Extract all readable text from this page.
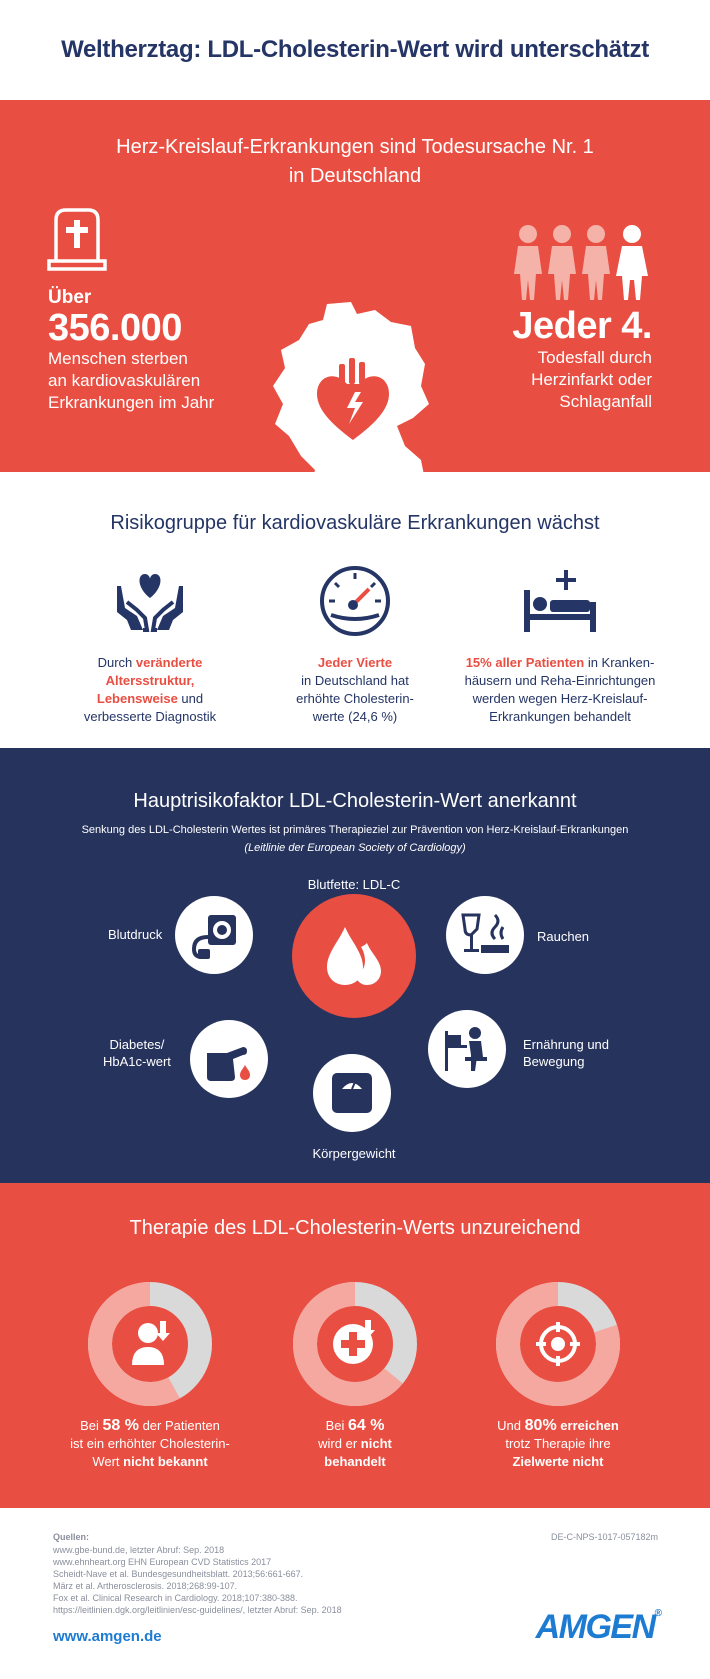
Weltherztag: LDL-Cholesterin-Wert wird unterschätzt
Herz-Kreislauf-Erkrankungen sind Todesursache Nr. 1
in Deutschland
Über
356.000
Menschen sterben
an kardiovaskulären
Erkrankungen im Jahr
Jeder 4.
Todesfall durch
Herzinfarkt oder
Schlaganfall
Risikogruppe für kardiovaskuläre Erkrankungen wächst
Durch veränderte
Altersstruktur,
Lebensweise und
verbesserte Diagnostik
Jeder Vierte
in Deutschland hat
erhöhte Cholesterin-
werte (24,6 %)
15% aller Patienten in Kranken-
häusern und Reha-Einrichtungen
werden wegen Herz-Kreislauf-
Erkrankungen behandelt
Hauptrisikofaktor LDL-Cholesterin-Wert anerkannt
Senkung des LDL-Cholesterin Wertes ist primäres Therapieziel zur Prävention von Herz-Kreislauf-Erkrankungen
(Leitlinie der European Society of Cardiology)
Blutfette: LDL-C
Blutdruck	Rauchen
Diabetes/
HbA1c-wert
Ernährung und
Bewegung
Körpergewicht
Therapie des LDL-Cholesterin-Werts unzureichend
Bei 58 % der Patienten
ist ein erhöhter Cholesterin-
Wert nicht bekannt
Bei 64 %
wird er nicht
behandelt
Und 80% erreichen
trotz Therapie ihre
Zielwerte nicht
Quellen:
www.gbe-bund.de, letzter Abruf: Sep. 2018
www.ehnheart.org EHN European CVD Statistics 2017
Scheidt-Nave et al. Bundesgesundheitsblatt. 2013;56:661-667.
März et al. Artherosclerosis. 2018;268:99-107.
Fox et al. Clinical Research in Cardiology. 2018;107:380-388.
https://leitlinien.dgk.org/leitlinien/esc-guidelines/, letzter Abruf: Sep. 2018
DE-C-NPS-1017-057182m
www.amgen.de	AMGEN®
